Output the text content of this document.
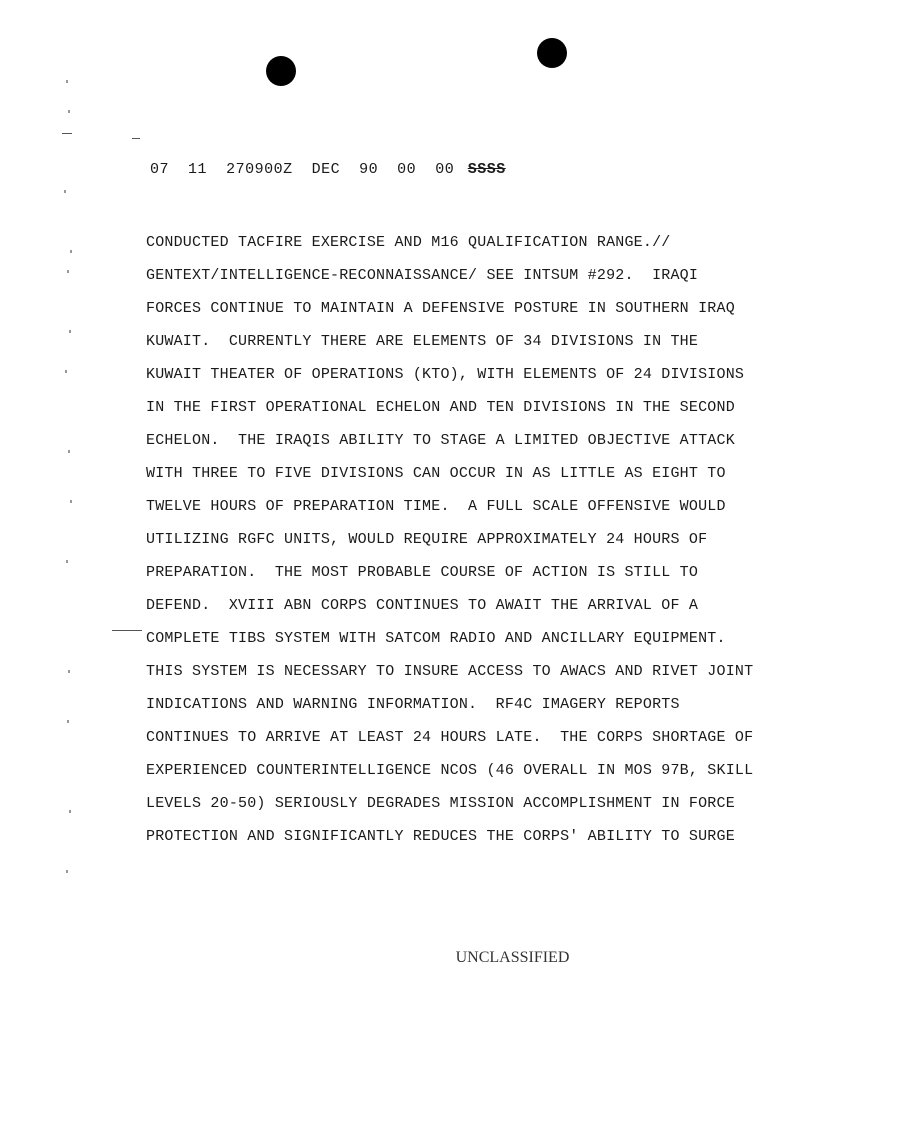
07 11 270900Z DEC 90 00 00 SSSS
CONDUCTED TACFIRE EXERCISE AND M16 QUALIFICATION RANGE.//
GENTEXT/INTELLIGENCE-RECONNAISSANCE/ SEE INTSUM #292.  IRAQI
FORCES CONTINUE TO MAINTAIN A DEFENSIVE POSTURE IN SOUTHERN IRAQ
KUWAIT.  CURRENTLY THERE ARE ELEMENTS OF 34 DIVISIONS IN THE
KUWAIT THEATER OF OPERATIONS (KTO), WITH ELEMENTS OF 24 DIVISIONS
IN THE FIRST OPERATIONAL ECHELON AND TEN DIVISIONS IN THE SECOND
ECHELON.  THE IRAQIS ABILITY TO STAGE A LIMITED OBJECTIVE ATTACK
WITH THREE TO FIVE DIVISIONS CAN OCCUR IN AS LITTLE AS EIGHT TO
TWELVE HOURS OF PREPARATION TIME.  A FULL SCALE OFFENSIVE WOULD
UTILIZING RGFC UNITS, WOULD REQUIRE APPROXIMATELY 24 HOURS OF
PREPARATION.  THE MOST PROBABLE COURSE OF ACTION IS STILL TO
DEFEND.  XVIII ABN CORPS CONTINUES TO AWAIT THE ARRIVAL OF A
COMPLETE TIBS SYSTEM WITH SATCOM RADIO AND ANCILLARY EQUIPMENT.
THIS SYSTEM IS NECESSARY TO INSURE ACCESS TO AWACS AND RIVET JOINT
INDICATIONS AND WARNING INFORMATION.  RF4C IMAGERY REPORTS
CONTINUES TO ARRIVE AT LEAST 24 HOURS LATE.  THE CORPS SHORTAGE OF
EXPERIENCED COUNTERINTELLIGENCE NCOS (46 OVERALL IN MOS 97B, SKILL
LEVELS 20-50) SERIOUSLY DEGRADES MISSION ACCOMPLISHMENT IN FORCE
PROTECTION AND SIGNIFICANTLY REDUCES THE CORPS' ABILITY TO SURGE
UNCLASSIFIED
